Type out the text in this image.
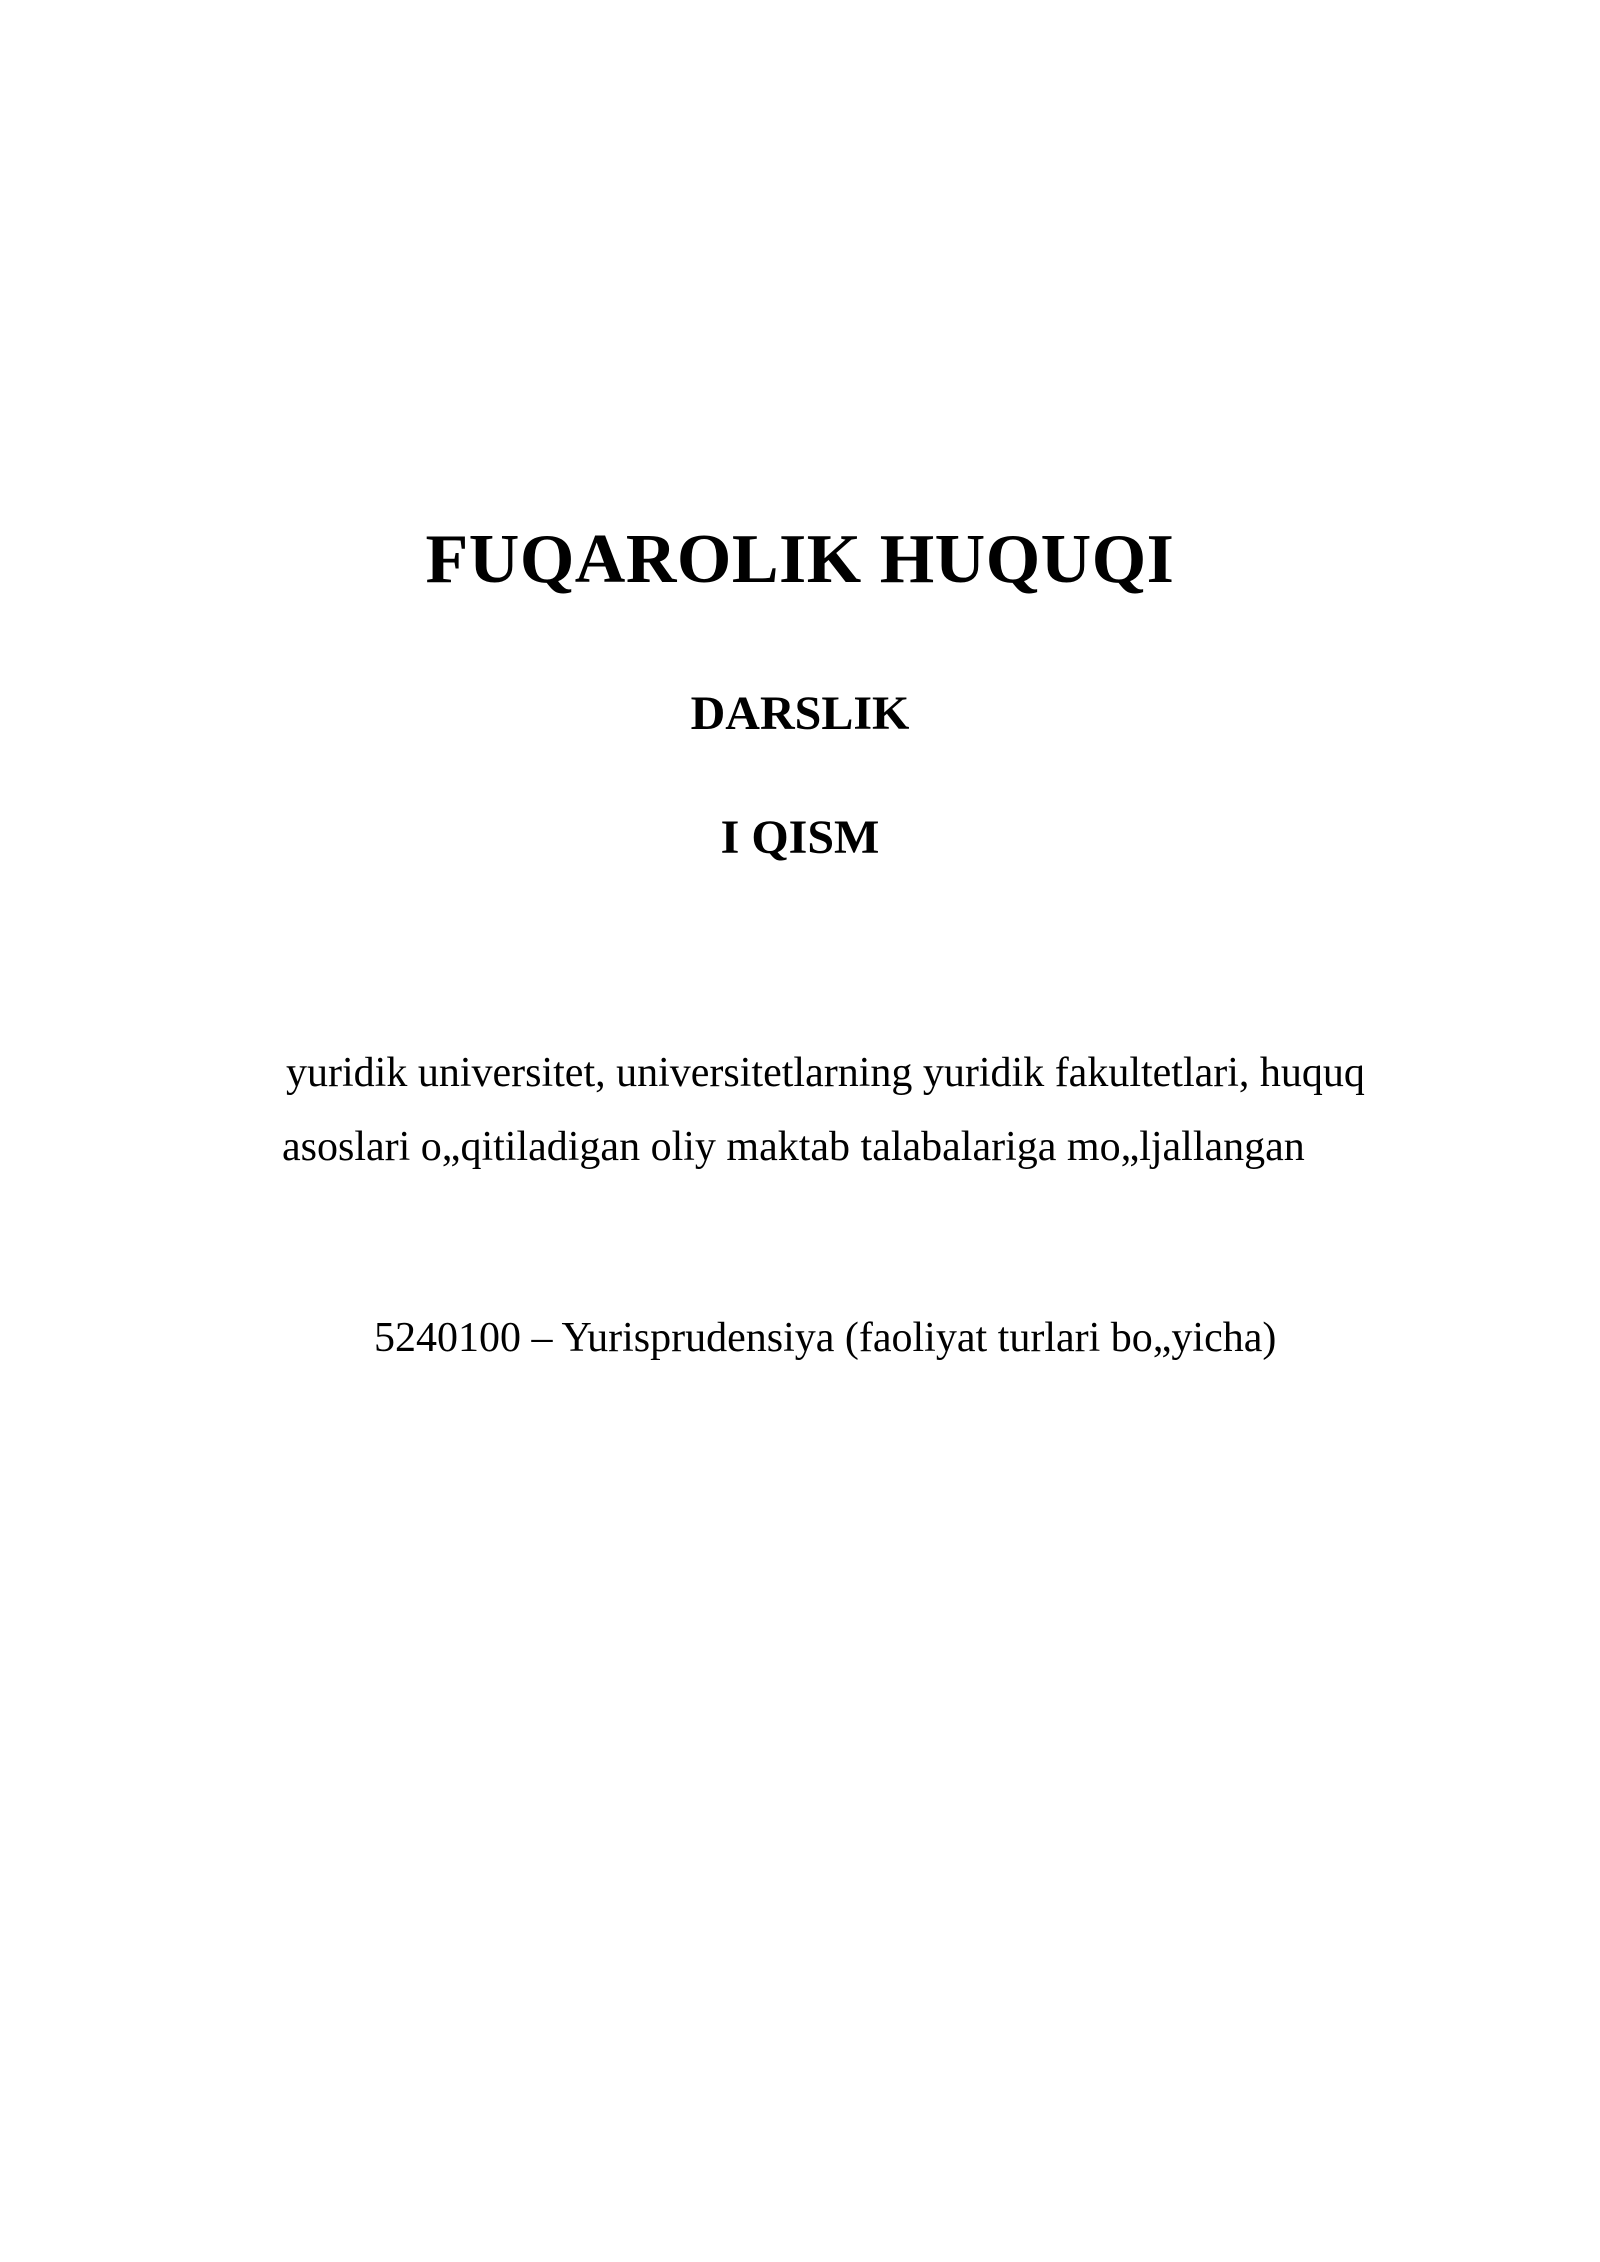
FUQAROLIK HUQUQI
DARSLIK
I QISM
yuridik universitet, universitetlarning yuridik fakultetlari, huquq
asoslari o„qitiladigan oliy maktab talabalariga mo„ljallangan
5240100 – Yurisprudensiya (faoliyat turlari bo„yicha)
